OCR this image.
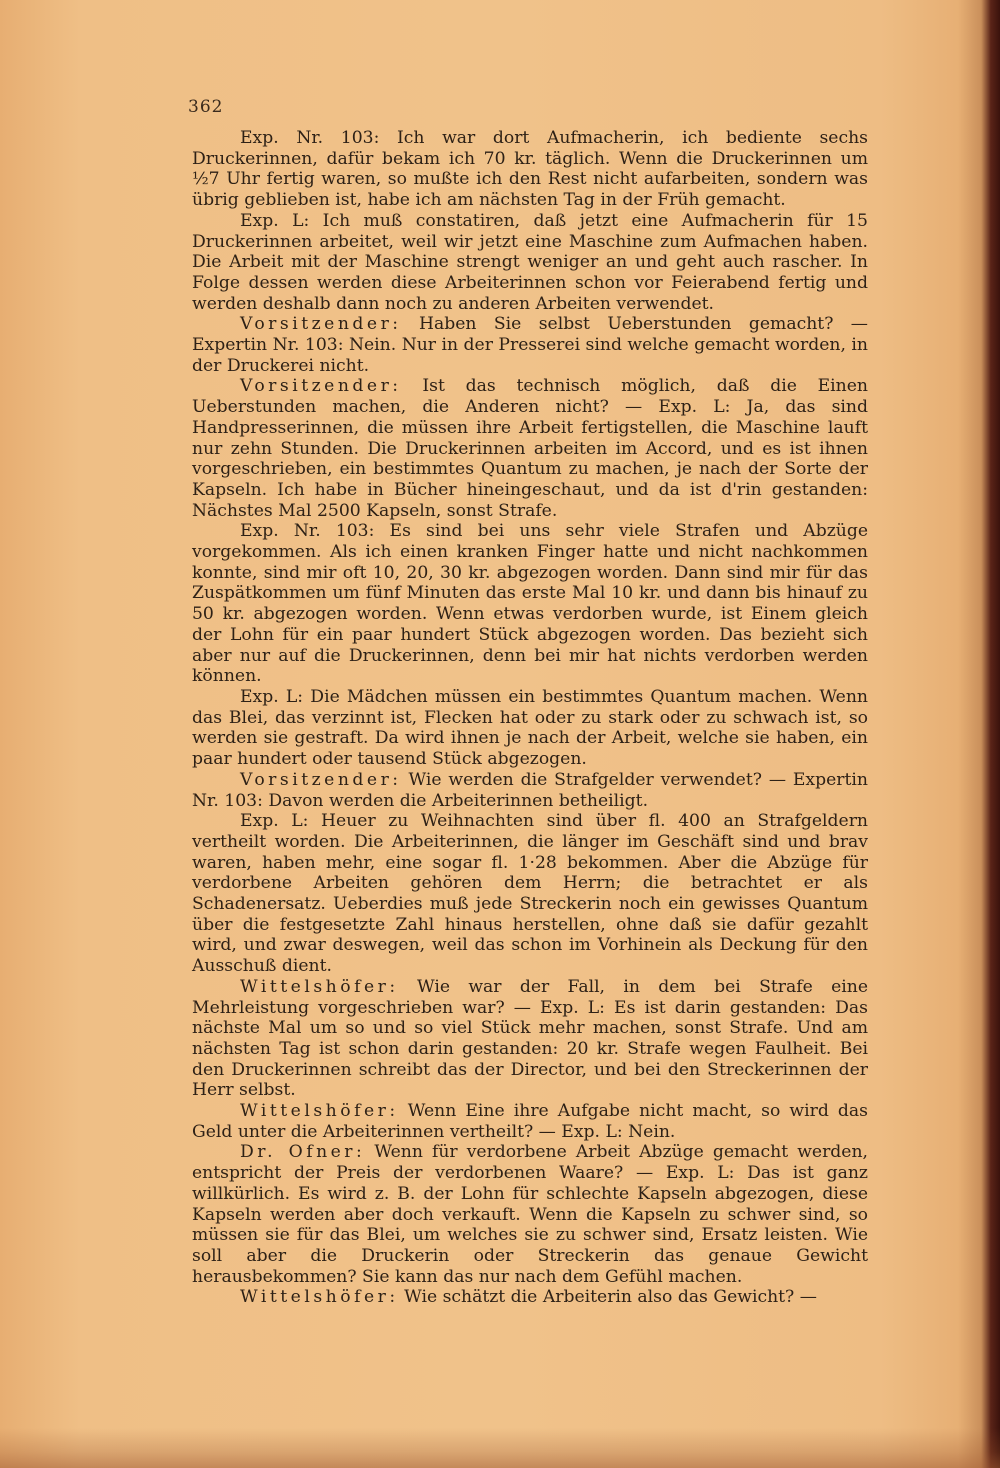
362

Exp. Nr. 103: Ich war dort Aufmacherin, ich bediente sechs Druckerinnen, dafür bekam ich 70 kr. täglich. Wenn die Druckerinnen um ½7 Uhr fertig waren, so mußte ich den Rest nicht aufarbeiten, sondern was übrig geblieben ist, habe ich am nächsten Tag in der Früh gemacht.

Exp. L: Ich muß constatiren, daß jetzt eine Aufmacherin für 15 Druckerinnen arbeitet, weil wir jetzt eine Maschine zum Aufmachen haben. Die Arbeit mit der Maschine strengt weniger an und geht auch rascher. In Folge dessen werden diese Arbeiterinnen schon vor Feierabend fertig und werden deshalb dann noch zu anderen Arbeiten verwendet.

Vorsitzender: Haben Sie selbst Ueberstunden gemacht? — Expertin Nr. 103: Nein. Nur in der Presserei sind welche gemacht worden, in der Druckerei nicht.

Vorsitzender: Ist das technisch möglich, daß die Einen Ueberstunden machen, die Anderen nicht? — Exp. L: Ja, das sind Handpresserinnen, die müssen ihre Arbeit fertigstellen, die Maschine lauft nur zehn Stunden. Die Druckerinnen arbeiten im Accord, und es ist ihnen vorgeschrieben, ein bestimmtes Quantum zu machen, je nach der Sorte der Kapseln. Ich habe in Bücher hineingeschaut, und da ist d'rin gestanden: Nächstes Mal 2500 Kapseln, sonst Strafe.

Exp. Nr. 103: Es sind bei uns sehr viele Strafen und Abzüge vorgekommen. Als ich einen kranken Finger hatte und nicht nachkommen konnte, sind mir oft 10, 20, 30 kr. abgezogen worden. Dann sind mir für das Zuspätkommen um fünf Minuten das erste Mal 10 kr. und dann bis hinauf zu 50 kr. abgezogen worden. Wenn etwas verdorben wurde, ist Einem gleich der Lohn für ein paar hundert Stück abgezogen worden. Das bezieht sich aber nur auf die Druckerinnen, denn bei mir hat nichts verdorben werden können.

Exp. L: Die Mädchen müssen ein bestimmtes Quantum machen. Wenn das Blei, das verzinnt ist, Flecken hat oder zu stark oder zu schwach ist, so werden sie gestraft. Da wird ihnen je nach der Arbeit, welche sie haben, ein paar hundert oder tausend Stück abgezogen.

Vorsitzender: Wie werden die Strafgelder verwendet? — Expertin Nr. 103: Davon werden die Arbeiterinnen betheiligt.

Exp. L: Heuer zu Weihnachten sind über fl. 400 an Strafgeldern vertheilt worden. Die Arbeiterinnen, die länger im Geschäft sind und brav waren, haben mehr, eine sogar fl. 1·28 bekommen. Aber die Abzüge für verdorbene Arbeiten gehören dem Herrn; die betrachtet er als Schadenersatz. Ueberdies muß jede Streckerin noch ein gewisses Quantum über die festgesetzte Zahl hinaus herstellen, ohne daß sie dafür gezahlt wird, und zwar deswegen, weil das schon im Vorhinein als Deckung für den Ausschuß dient.

Wittelshöfer: Wie war der Fall, in dem bei Strafe eine Mehrleistung vorgeschrieben war? — Exp. L: Es ist darin gestanden: Das nächste Mal um so und so viel Stück mehr machen, sonst Strafe. Und am nächsten Tag ist schon darin gestanden: 20 kr. Strafe wegen Faulheit. Bei den Druckerinnen schreibt das der Director, und bei den Streckerinnen der Herr selbst.

Wittelshöfer: Wenn Eine ihre Aufgabe nicht macht, so wird das Geld unter die Arbeiterinnen vertheilt? — Exp. L: Nein.

Dr. Ofner: Wenn für verdorbene Arbeit Abzüge gemacht werden, entspricht der Preis der verdorbenen Waare? — Exp. L: Das ist ganz willkürlich. Es wird z. B. der Lohn für schlechte Kapseln abgezogen, diese Kapseln werden aber doch verkauft. Wenn die Kapseln zu schwer sind, so müssen sie für das Blei, um welches sie zu schwer sind, Ersatz leisten. Wie soll aber die Druckerin oder Streckerin das genaue Gewicht herausbekommen? Sie kann das nur nach dem Gefühl machen.

Wittelshöfer: Wie schätzt die Arbeiterin also das Gewicht? —
